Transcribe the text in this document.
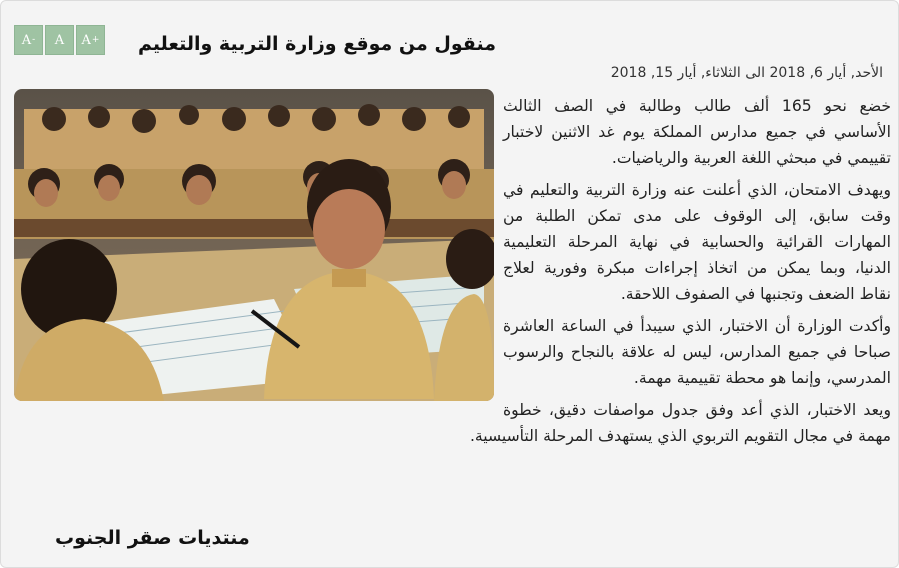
A - A A + منقول من موقع وزارة التربية والتعليم
الأحد, أيار 6, 2018 الى الثلاثاء, أيار 15, 2018

خضع نحو 165 ألف طالب وطالبة في الصف الثالث الأساسي في جميع مدارس المملكة يوم غد الاثنين لاختبار تقييمي في مبحثي اللغة العربية والرياضيات.

ويهدف الامتحان، الذي أعلنت عنه وزارة التربية والتعليم في وقت سابق، إلى الوقوف على مدى تمكن الطلبة من المهارات القرائية والحسابية في نهاية المرحلة التعليمية الدنيا، وبما يمكن من اتخاذ إجراءات مبكرة وفورية لعلاج نقاط الضعف وتجنبها في الصفوف اللاحقة.

وأكدت الوزارة أن الاختبار، الذي سيبدأ في الساعة العاشرة صباحا في جميع المدارس، ليس له علاقة بالنجاح والرسوب المدرسي، وإنما هو محطة تقييمية مهمة.

ويعد الاختبار، الذي أعد وفق جدول مواصفات دقيق، خطوة مهمة في مجال التقويم التربوي الذي يستهدف المرحلة التأسيسية.

منتديات صقر الجنوب
